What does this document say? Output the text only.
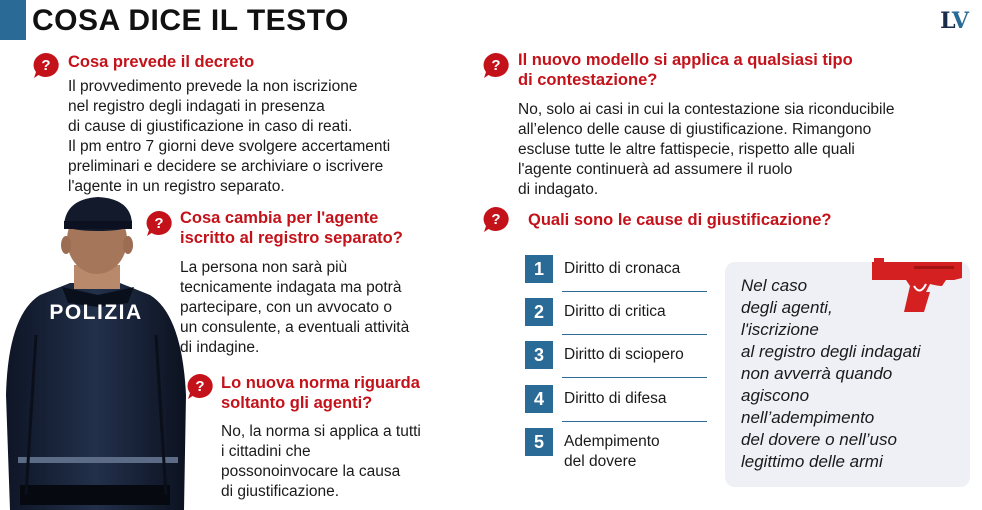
COSA DICE IL TESTO	LV
POLIZIA
? Cosa prevede il decreto
Il provvedimento prevede la non iscrizione
nel registro degli indagati in presenza
di cause di giustificazione in caso di reati.
Il pm entro 7 giorni deve svolgere accertamenti
preliminari e decidere se archiviare o iscrivere
l'agente in un registro separato.
? Cosa cambia per l'agente
iscritto al registro separato?
La persona non sarà più
tecnicamente indagata ma potrà
partecipare, con un avvocato o
un consulente, a eventuali attività
di indagine.
? Lo nuova norma riguarda
soltanto gli agenti?
No, la norma si applica a tutti
i cittadini che
possonoinvocare la causa
di giustificazione.
? Il nuovo modello si applica a qualsiasi tipo
di contestazione?
No, solo ai casi in cui la contestazione sia riconducibile
all’elenco delle cause di giustificazione. Rimangono
escluse tutte le altre fattispecie, rispetto alle quali
l'agente continuerà ad assumere il ruolo
di indagato.
? Quali sono le cause di giustificazione?
1	Diritto di cronaca
2	Diritto di critica
3	Diritto di sciopero
4	Diritto di difesa
5	Adempimento
del dovere
Nel caso
degli agenti,
l'iscrizione
al registro degli indagati
non avverrà quando
agiscono
nell’adempimento
del dovere o nell’uso
legittimo delle armi
